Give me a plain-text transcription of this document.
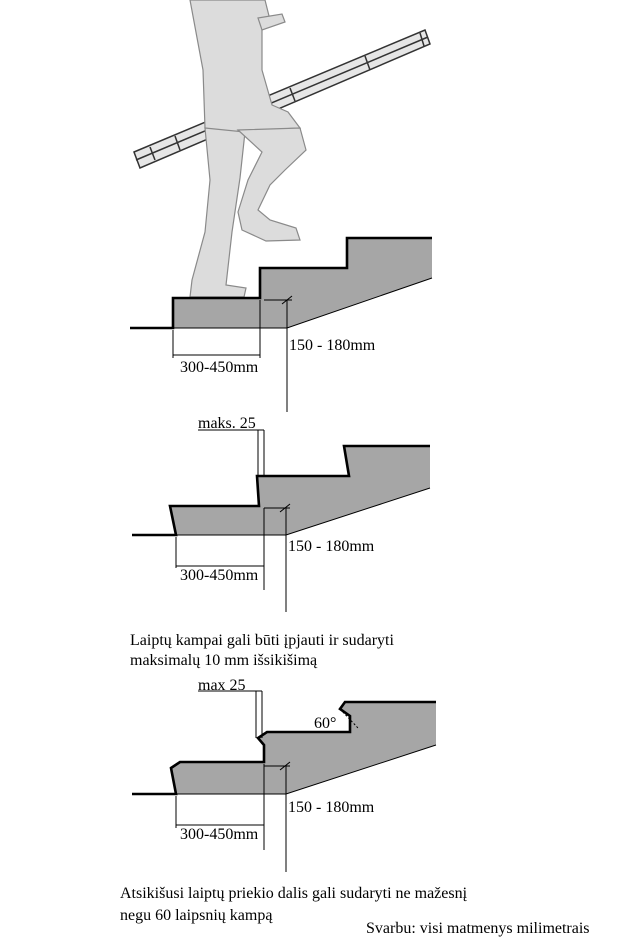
300-450mm
150 - 180mm
maks. 25
300-450mm
150 - 180mm
max 25
60°
300-450mm
150 - 180mm

Laiptų kampai gali būti įpjauti ir sudaryti

maksimalų 10 mm išsikišimą

Atsikišusi laiptų priekio dalis gali sudaryti ne mažesnį

negu 60 laipsnių kampą

Svarbu: visi matmenys milimetrais
